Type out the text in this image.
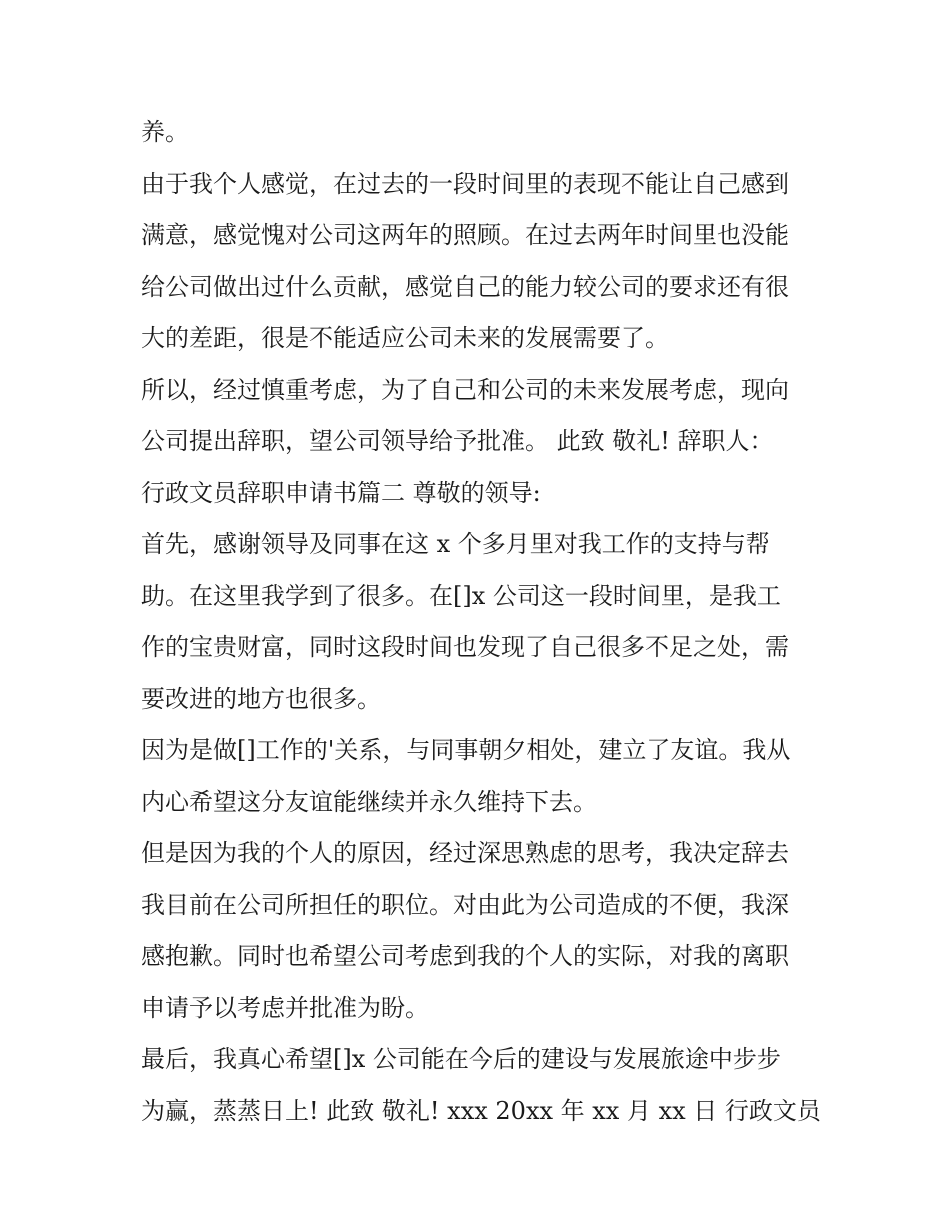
养。
由于我个人感觉，在过去的一段时间里的表现不能让自己感到
满意，感觉愧对公司这两年的照顾。在过去两年时间里也没能
给公司做出过什么贡献，感觉自己的能力较公司的要求还有很
大的差距，很是不能适应公司未来的发展需要了。
所以，经过慎重考虑，为了自己和公司的未来发展考虑，现向
公司提出辞职，望公司领导给予批准。 此致 敬礼! 辞职人：
行政文员辞职申请书篇二 尊敬的领导:
首先，感谢领导及同事在这 x 个多月里对我工作的支持与帮
助。在这里我学到了很多。在[]x 公司这一段时间里，是我工
作的宝贵财富，同时这段时间也发现了自己很多不足之处，需
要改进的地方也很多。
因为是做[]工作的'关系，与同事朝夕相处，建立了友谊。我从
内心希望这分友谊能继续并永久维持下去。
但是因为我的个人的原因，经过深思熟虑的思考，我决定辞去
我目前在公司所担任的职位。对由此为公司造成的不便，我深
感抱歉。同时也希望公司考虑到我的个人的实际，对我的离职
申请予以考虑并批准为盼。
最后，我真心希望[]x 公司能在今后的建设与发展旅途中步步
为赢，蒸蒸日上! 此致 敬礼! xxx 20xx 年 xx 月 xx 日 行政文员
